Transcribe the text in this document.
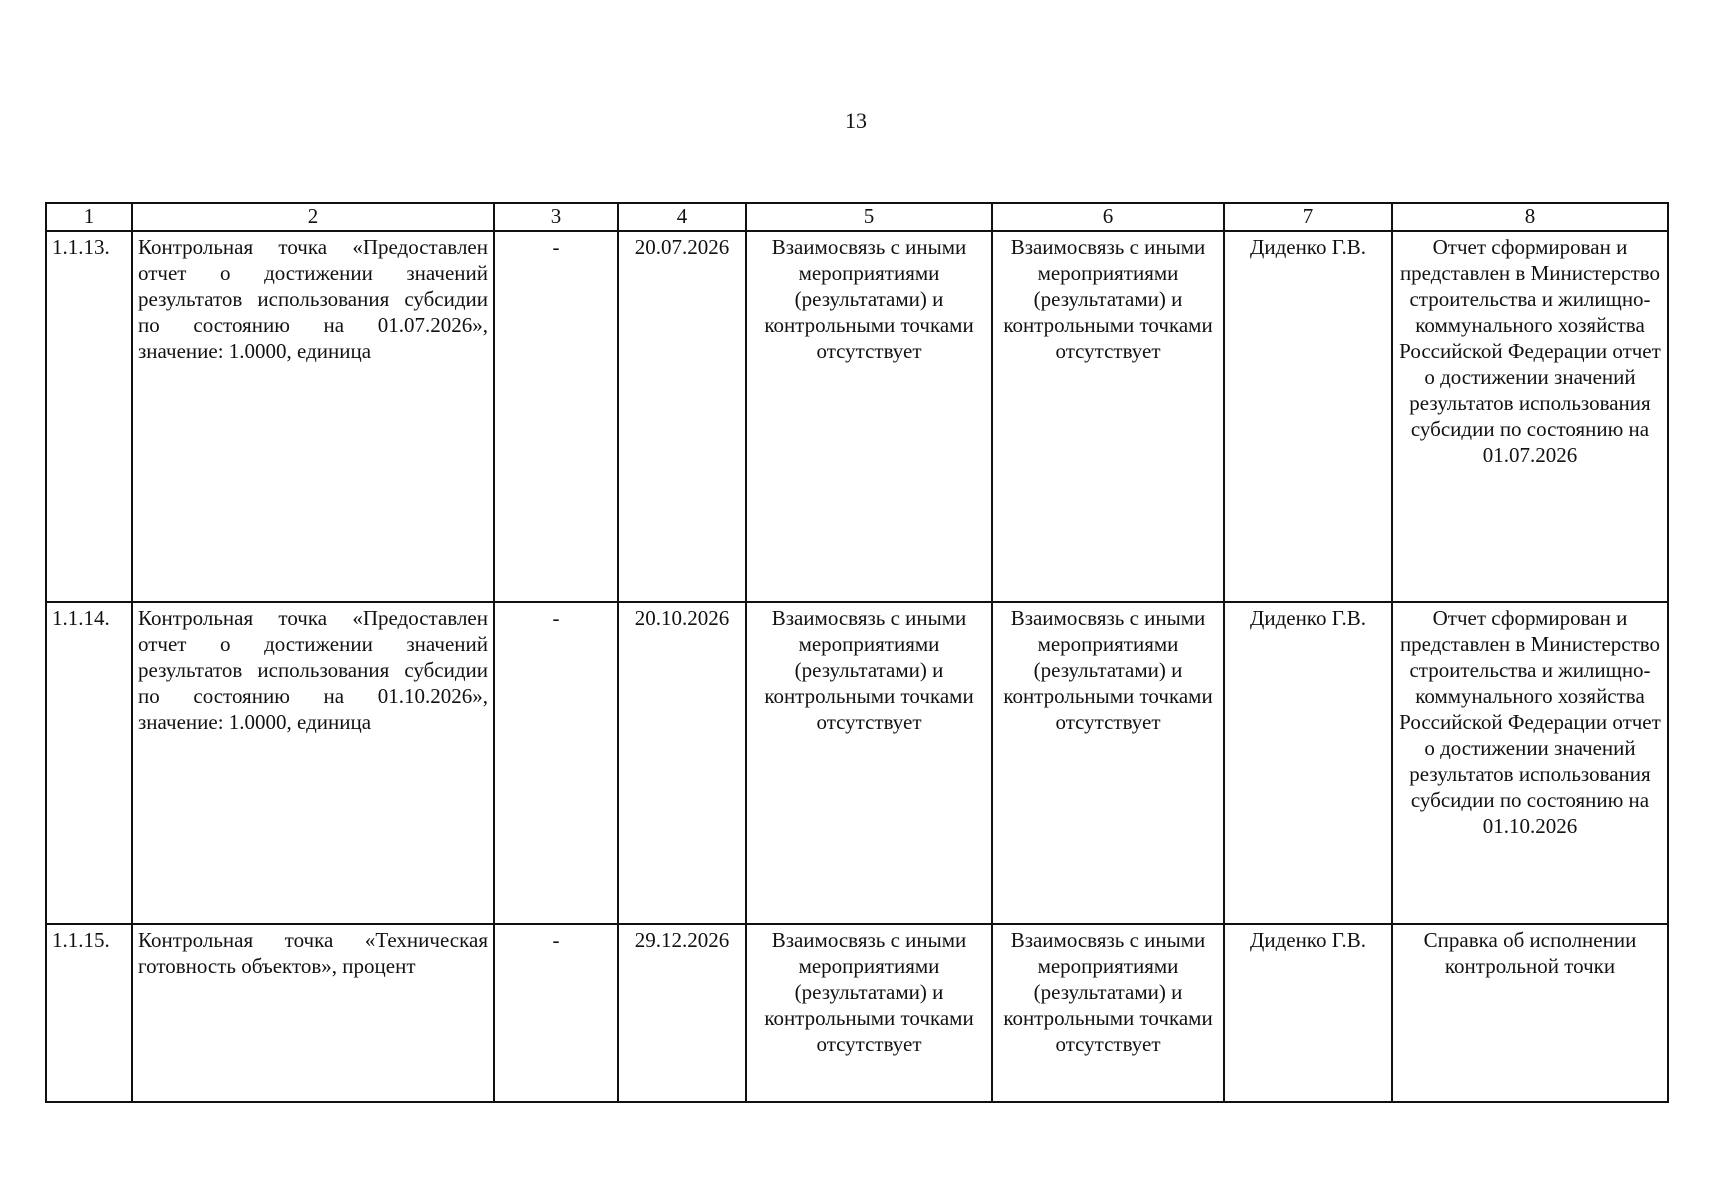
13
1	2	3	4	5	6	7	8
1.1.13.	Контрольная точка «Предоставлен отчет о достижении значений результатов использования субсидии по состоянию на 01.07.2026», значение: 1.0000, единица	-	20.07.2026	Взаимосвязь с иными мероприятиями (результатами) и контрольными точками отсутствует	Взаимосвязь с иными мероприятиями (результатами) и контрольными точками отсутствует	Диденко Г.В.	Отчет сформирован и представлен в Министерство строительства и жилищно-коммунального хозяйства Российской Федерации отчет о достижении значений результатов использования субсидии по состоянию на 01.07.2026
1.1.14.	Контрольная точка «Предоставлен отчет о достижении значений результатов использования субсидии по состоянию на 01.10.2026», значение: 1.0000, единица	-	20.10.2026	Взаимосвязь с иными мероприятиями (результатами) и контрольными точками отсутствует	Взаимосвязь с иными мероприятиями (результатами) и контрольными точками отсутствует	Диденко Г.В.	Отчет сформирован и представлен в Министерство строительства и жилищно-коммунального хозяйства Российской Федерации отчет о достижении значений результатов использования субсидии по состоянию на 01.10.2026
1.1.15.	Контрольная точка «Техническая готовность объектов», процент	-	29.12.2026	Взаимосвязь с иными мероприятиями (результатами) и контрольными точками отсутствует	Взаимосвязь с иными мероприятиями (результатами) и контрольными точками отсутствует	Диденко Г.В.	Справка об исполнении контрольной точки
